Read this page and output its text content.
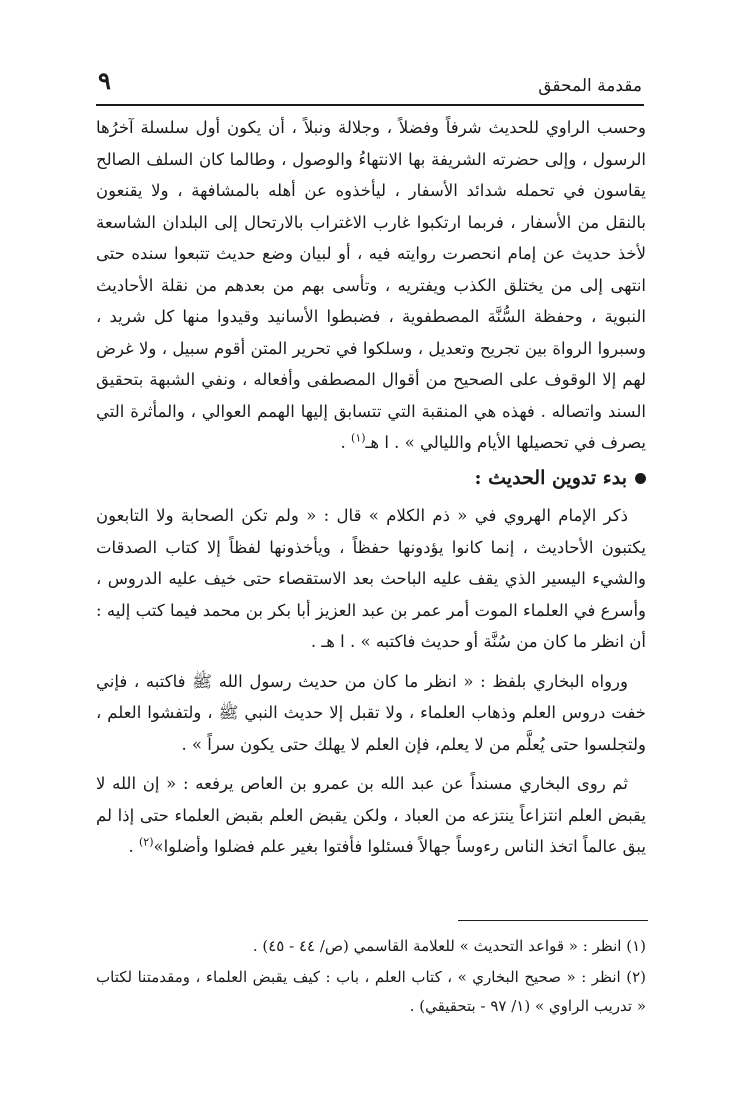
٩	مقدمة المحقق

وحسب الراوي للحديث شرفاً وفضلاً ، وجلالة ونبلاً ، أن يكون أول سلسلة آخرُها الرسول ، وإلى حضرته الشريفة بها الانتهاءُ والوصول ، وطالما كان السلف الصالح يقاسون في تحمله شدائد الأسفار ، ليأخذوه عن أهله بالمشافهة ، ولا يقنعون بالنقل من الأسفار ، فربما ارتكبوا غارب الاغتراب بالارتحال إلى البلدان الشاسعة لأخذ حديث عن إمام انحصرت روايته فيه ، أو لبيان وضع حديث تتبعوا سنده حتى انتهى إلى من يختلق الكذب ويفتريه ، وتأسى بهم من بعدهم من نقلة الأحاديث النبوية ، وحفظة السُّنَّة المصطفوية ، فضبطوا الأسانيد وقيدوا منها كل شريد ، وسبروا الرواة بين تجريح وتعديل ، وسلكوا في تحرير المتن أقوم سبيل ، ولا غرض لهم إلا الوقوف على الصحيح من أقوال المصطفى وأفعاله ، ونفي الشبهة بتحقيق السند واتصاله . فهذه هي المنقبة التي تتسابق إليها الهمم العوالي ، والمأثرة التي يصرف في تحصيلها الأيام والليالي » . ا هـ$^{(١)}$ .

بدء تدوين الحديث :

ذكر الإمام الهروي في « ذم الكلام » قال : « ولم تكن الصحابة ولا التابعون يكتبون الأحاديث ، إنما كانوا يؤدونها حفظاً ، ويأخذونها لفظاً إلا كتاب الصدقات والشيء اليسير الذي يقف عليه الباحث بعد الاستقصاء حتى خيف عليه الدروس ، وأسرع في العلماء الموت أمر عمر بن عبد العزيز أبا بكر بن محمد فيما كتب إليه : أن انظر ما كان من سُنَّة أو حديث فاكتبه » . ا هـ .

ورواه البخاري بلفظ : « انظر ما كان من حديث رسول الله ﷺ فاكتبه ، فإني خفت دروس العلم وذهاب العلماء ، ولا تقبل إلا حديث النبي ﷺ ، ولتفشوا العلم ، ولتجلسوا حتى يُعلَّم من لا يعلم، فإن العلم لا يهلك حتى يكون سراً » .

ثم روى البخاري مسنداً عن عبد الله بن عمرو بن العاص يرفعه : « إن الله لا يقبض العلم انتزاعاً ينتزعه من العباد ، ولكن يقبض العلم بقبض العلماء حتى إذا لم يبق عالماً اتخذ الناس رءوساً جهالاً فسئلوا فأفتوا بغير علم فضلوا وأضلوا»$^{(٢)}$ .

(١) انظر : « قواعد التحديث » للعلامة القاسمي (ص/ ٤٤ - ٤٥) .

(٢) انظر : « صحيح البخاري » ، كتاب العلم ، باب : كيف يقبض العلماء ، ومقدمتنا لكتاب « تدريب الراوي » (١/ ٩٧ - بتحقيقي) .
